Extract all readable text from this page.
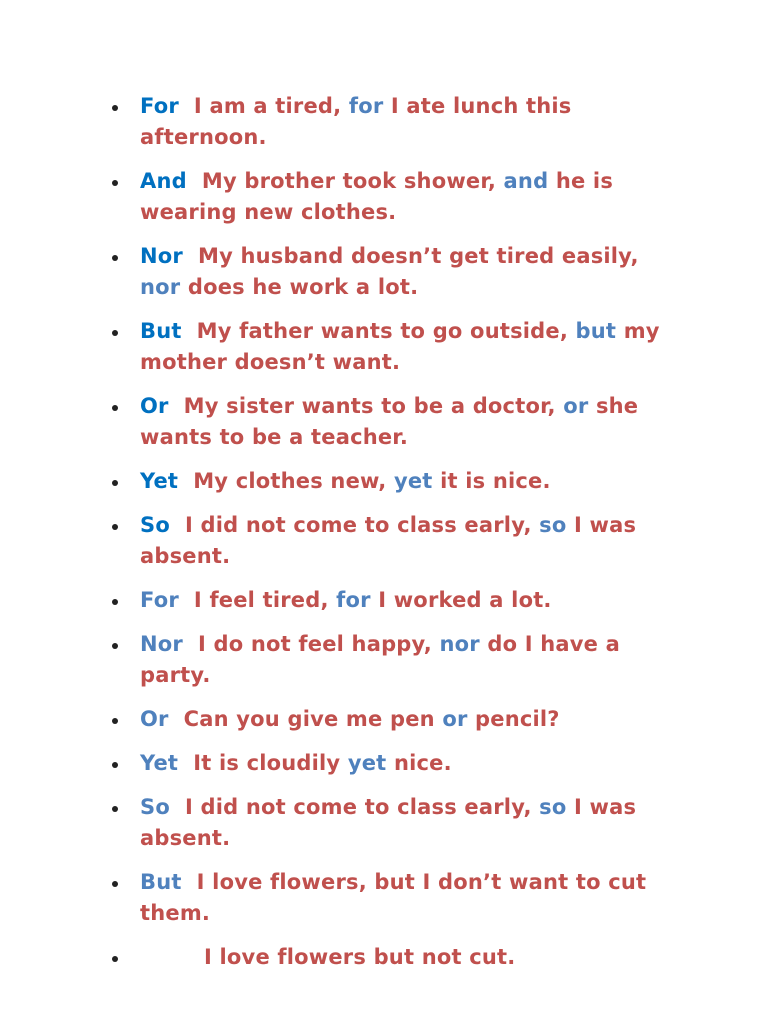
For I am a tired, for I ate lunch this afternoon.
And My brother took shower, and he is wearing new clothes.
Nor My husband doesn’t get tired easily, nor does he work a lot.
But My father wants to go outside, but my mother doesn’t want.
Or My sister wants to be a doctor, or she wants to be a teacher.
Yet My clothes new, yet it is nice.
So I did not come to class early, so I was absent.
For I feel tired, for I worked a lot.
Nor I do not feel happy, nor do I have a party.
Or Can you give me pen or pencil?
Yet It is cloudily yet nice.
So I did not come to class early, so I was absent.
But I love flowers, but I don’t want to cut them.
I love flowers but not cut.
